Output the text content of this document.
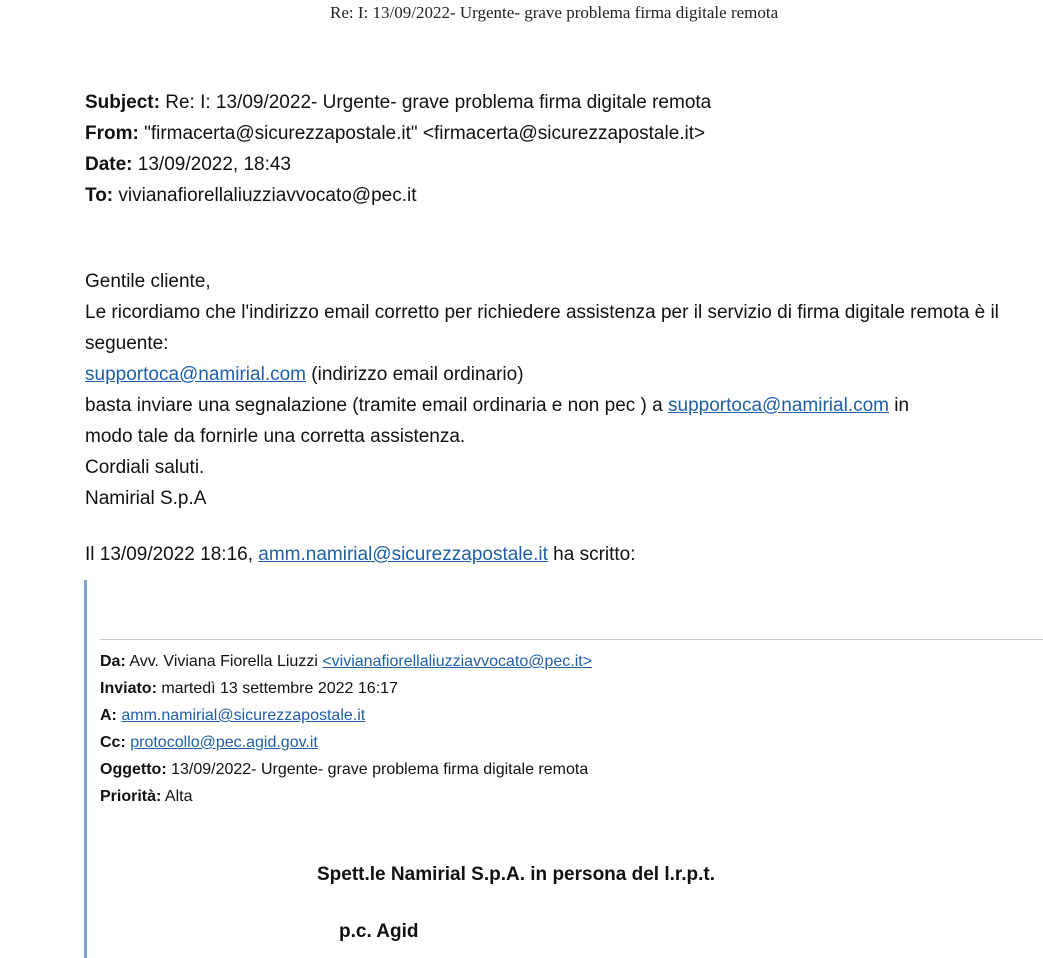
Re: I: 13/09/2022- Urgente- grave problema firma digitale remota
Subject: Re: I: 13/09/2022- Urgente- grave problema firma digitale remota
From: "firmacerta@sicurezzapostale.it" <firmacerta@sicurezzapostale.it>
Date: 13/09/2022, 18:43
To: vivianafiorellaliuzziavvocato@pec.it
Gentile cliente,
Le ricordiamo che l'indirizzo email corretto per richiedere assistenza per il servizio di firma digitale remota è il
seguente:
supportoca@namirial.com (indirizzo email ordinario)
basta inviare una segnalazione (tramite email ordinaria e non pec ) a supportoca@namirial.com in
modo tale da fornirle una corretta assistenza.
Cordiali saluti.
Namirial S.p.A
Il 13/09/2022 18:16, amm.namirial@sicurezzapostale.it ha scritto:
Da: Avv. Viviana Fiorella Liuzzi <vivianafiorellaliuzziavvocato@pec.it>
Inviato: martedì 13 settembre 2022 16:17
A: amm.namirial@sicurezzapostale.it
Cc: protocollo@pec.agid.gov.it
Oggetto: 13/09/2022- Urgente- grave problema firma digitale remota
Priorità: Alta
Spett.le Namirial S.p.A. in persona del l.r.p.t.
p.c. Agid
